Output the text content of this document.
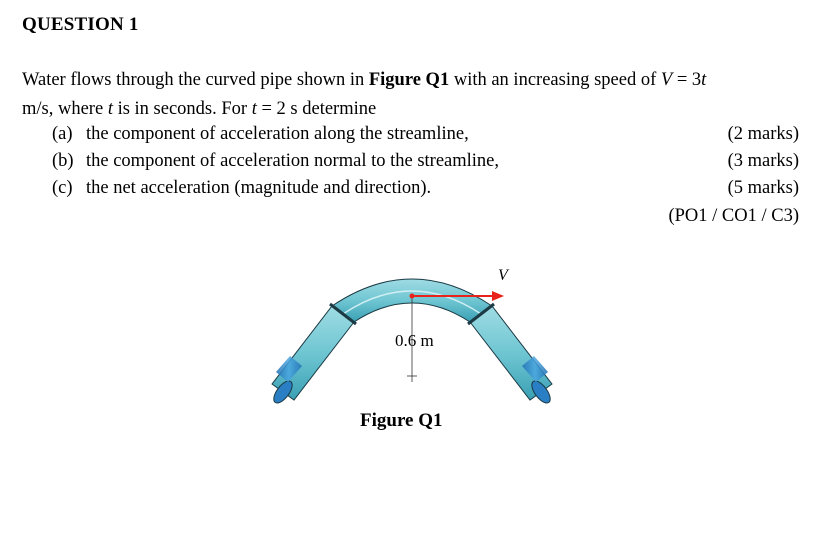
QUESTION 1
Water flows through the curved pipe shown in Figure Q1 with an increasing speed of V = 3t
m/s, where t is in seconds. For t = 2 s determine
(a) the component of acceleration along the streamline,
(b) the component of acceleration normal to the streamline,
(c) the net acceleration (magnitude and direction).
(2 marks)
(3 marks)
(5 marks)
(PO1 / CO1 / C3)
0.6 m
V
Figure Q1
